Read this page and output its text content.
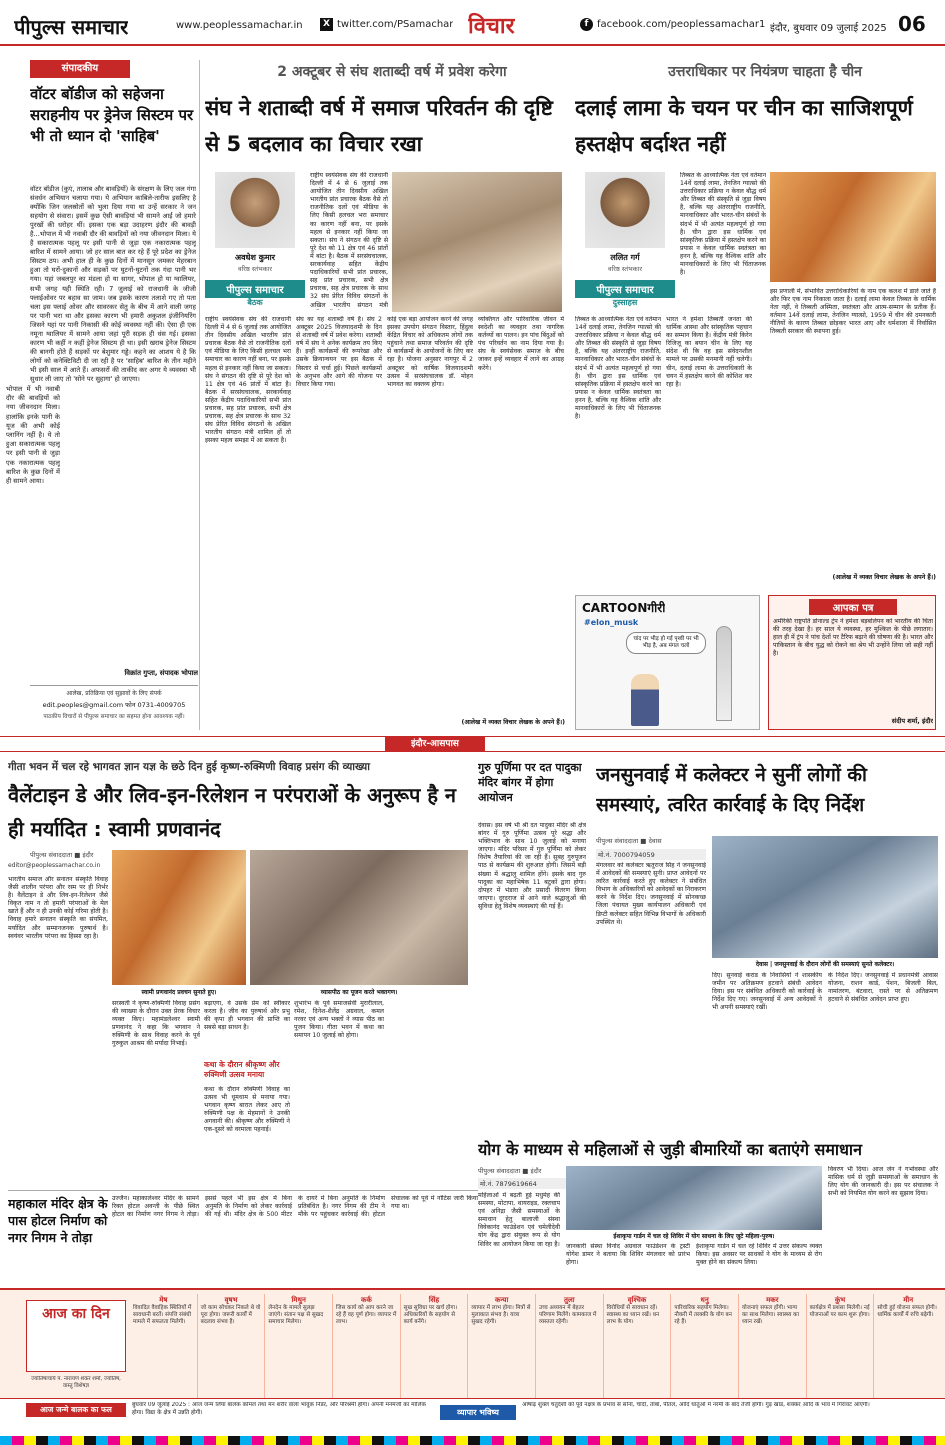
पीपुल्स समाचार	www.peoplessamachar.in	X twitter.com/PSamachar विचार	f facebook.com/peoplessamachar1 इंदौर, बुधवार 09 जुलाई 2025 06
संपादकीय
वॉटर बॉडीज को सहेजना सराहनीय पर ड्रेनेज सिस्टम पर भी तो ध्यान दो 'साहिब'
वॉटर बॉडीज (कुएं, तालाब और बावड़ियों) के संरक्षण के लिए जल गंगा संवर्धन अभियान चलाया गया। ये अभियान काबिले-तारीफ इसलिए है क्योंकि जिन जलस्रोतों को भुला दिया गया था उन्हें सरकार ने जन सहयोग से संवारा। इसमें कुछ ऐसी बावड़ियां भी सामने आईं जो हमारे पुरखों की धरोहर थीं। इसका एक बड़ा उदाहरण इंदौर की बावड़ी है...भोपाल में भी नवाबी दौर की बावड़ियों को नया जीवनदान मिला। ये है सकारात्मक पहलू पर इसी पानी से जुड़ा एक नकारात्मक पहलू बारिश में सामने आया। जो हर साल बात कर रहे हैं पूरे प्रदेश का ड्रेनेज सिस्टम ठप। अभी हाल ही के कुछ दिनों में मानसून जमकर मेहरबान हुआ तो घरों-दुकानों और सड़कों पर घुटनों-घुटनों तक गंदा पानी भर गया। यहां जबलपुर का मंडला हो या सागर, भोपाल हो या ग्वालियर, सभी जगह यही स्थिति रही। 7 जुलाई को राजधानी के जीजी फ्लाईओवर पर बहाव सा जाम। जब इसके कारण तलाशे गए तो पता चला इस फ्लाई ओवर और सावरकर सेतु के बीच में आने वाली जगह पर पानी भरा था और इसका कारण भी हमारी अकुशल इंजीनियरिंग जिसने यहां पर पानी निकासी की कोई व्यवस्था नहीं की। ऐसा ही एक नमूना ग्वालियर में सामने आया जहां पूरी सड़क ही धंस गई। इसका कारण भी कहीं न कहीं ड्रेनेज सिस्टम ही था। इसी खराब ड्रेनेज सिस्टम की बानगी होते हैं सड़कों पर बेशुमार गड्ढे। कहने का आशय ये है कि लोगों को कनेक्टिविटी दी जा रही है पर 'साहिब' बारिश के तीन महीने भी इसी साल में आते हैं। अफसरों की ताकीद कर अगर ये व्यवस्था भी सुधार ली जाए तो 'सोने पर सुहागा' हो जाएगा।
विक्रांत गुप्ता, संपादक भोपाल
आलेख, प्रतिक्रिया एवं सुझावों के लिए संपर्क
edit.peoples@gmail.com फोन 0731-4009705
पाठकीय विचारों से पीपुल्स समाचार का सहमत होना आवश्यक नहीं।
भोपाल में भी नवाबी दौर की बावड़ियों को नया जीवनदान मिला। हालांकि इनके पानी के यूज की अभी कोई प्लानिंग नहीं है। ये तो हुआ सकारात्मक पहलू पर इसी पानी से जुड़ा एक नकारात्मक पहलू बारिश के कुछ दिनों में ही सामने आया।
2 अक्टूबर से संघ शताब्दी वर्ष में प्रवेश करेगा
संघ ने शताब्दी वर्ष में समाज परिवर्तन की दृष्टि से 5 बदलाव का विचार रखा
अवधेश कुमार
वरिष्ठ स्तंभकार
पीपुल्स समाचार
बैठक
राष्ट्रीय स्वयंसेवक संघ की राजधानी दिल्ली में 4 से 6 जुलाई तक आयोजित तीन दिवसीय अखिल भारतीय प्रांत प्रचारक बैठक वैसे तो राजनीतिक दलों एवं मीडिया के लिए किसी हलचल भरा समाचार का कारण नहीं बना, पर इसके महत्व से इनकार नहीं किया जा सकता। संघ ने संगठन की दृष्टि से पूरे देश को 11 क्षेत्र एवं 46 प्रांतों में बांटा है। बैठक में सरसंघचालक, सरकार्यवाह सहित केंद्रीय पदाधिकारियों सभी प्रांत प्रचारक, सह प्रांत प्रचारक, सभी क्षेत्र प्रचारक, सह क्षेत्र प्रचारक के साथ 32 संघ प्रेरित विविध संगठनों के अखिल भारतीय संगठन मंत्री
राष्ट्रीय स्वयंसेवक संघ की राजधानी दिल्ली में 4 से 6 जुलाई तक आयोजित तीन दिवसीय अखिल भारतीय प्रांत प्रचारक बैठक वैसे तो राजनीतिक दलों एवं मीडिया के लिए किसी हलचल भरा समाचार का कारण नहीं बना, पर इसके महत्व से इनकार नहीं किया जा सकता। संघ ने संगठन की दृष्टि से पूरे देश को 11 क्षेत्र एवं 46 प्रांतों में बांटा है। बैठक में सरसंघचालक, सरकार्यवाह सहित केंद्रीय पदाधिकारियों सभी प्रांत प्रचारक, सह प्रांत प्रचारक, सभी क्षेत्र प्रचारक, सह क्षेत्र प्रचारक के साथ 32 संघ प्रेरित विविध संगठनों के अखिल भारतीय संगठन मंत्री शामिल हों तो इसका महत्व समझा में आ सकता है।
संघ का यह शताब्दी वर्ष है। संघ 2 अक्टूबर 2025 विजयादशमी के दिन से शताब्दी वर्ष में प्रवेश करेगा। शताब्दी वर्ष में संघ ने अनेक कार्यक्रम तय किए हैं। इन्हीं कार्यक्रमों की रूपरेखा और उसके क्रियान्वयन पर इस बैठक में विस्तार से चर्चा हुई। पिछले कार्यक्रमों के अनुभव और आगे की योजना पर विचार किया गया।
कोई एक बड़ा आयोजन करने की जगह इसका उपयोग संगठन विस्तार, हिंदुत्व केंद्रित विचार को अधिकतम लोगों तक पहुंचाने तथा समाज परिवर्तन की दृष्टि से कार्यक्रमों के आयोजनों के लिए कर रहा है। योजना अनुसार नागपुर में 2 अक्टूबर को वार्षिक विजयादशमी उत्सव में सरसंघचालक डॉ. मोहन भागवत का वक्तव्य होगा।
व्यक्तिगत और पारिवारिक जीवन में स्वदेशी का व्यवहार तथा नागरिक कर्तव्यों का पालन। इन पांच बिंदुओं को पंच परिवर्तन का नाम दिया गया है। संघ के स्वयंसेवक समाज के बीच जाकर इन्हें व्यवहार में लाने का आग्रह करेंगे।
(आलेख में व्यक्त विचार लेखक के अपने हैं।)
उत्तराधिकार पर नियंत्रण चाहता है चीन
दलाई लामा के चयन पर चीन का साजिशपूर्ण हस्तक्षेप बर्दाश्त नहीं
ललित गर्ग
वरिष्ठ स्तंभकार
पीपुल्स समाचार
दुस्साहस
तिब्बत के आध्यात्मिक नेता एवं वर्तमान 14वें दलाई लामा, तेनजिन ग्यात्सो की उत्तराधिकार प्रक्रिया न केवल बौद्ध धर्म और तिब्बत की संस्कृति से जुड़ा विषय है, बल्कि यह अंतरराष्ट्रीय राजनीति, मानवाधिकार और भारत-चीन संबंधों के संदर्भ में भी अत्यंत महत्वपूर्ण हो गया है। चीन द्वारा इस धार्मिक एवं सांस्कृतिक प्रक्रिया में हस्तक्षेप करने का प्रयास न केवल धार्मिक स्वतंत्रता का हनन है, बल्कि यह वैश्विक शांति और मानवाधिकारों के लिए भी चिंताजनक है।
तिब्बत के आध्यात्मिक नेता एवं वर्तमान 14वें दलाई लामा, तेनजिन ग्यात्सो की उत्तराधिकार प्रक्रिया न केवल बौद्ध धर्म और तिब्बत की संस्कृति से जुड़ा विषय है, बल्कि यह अंतरराष्ट्रीय राजनीति, मानवाधिकार और भारत-चीन संबंधों के संदर्भ में भी अत्यंत महत्वपूर्ण हो गया है। चीन द्वारा इस धार्मिक एवं सांस्कृतिक प्रक्रिया में हस्तक्षेप करने का प्रयास न केवल धार्मिक स्वतंत्रता का हनन है, बल्कि यह वैश्विक शांति और मानवाधिकारों के लिए भी चिंताजनक है।
भारत ने हमेशा तिब्बती जनता की धार्मिक आस्था और सांस्कृतिक पहचान का सम्मान किया है। केंद्रीय मंत्री किरेन रिजिजू का बयान चीन के लिए यह संदेश थी कि वह इस संवेदनशील मामले पर उसकी मनमानी नहीं चलेगी। चीन, दलाई लामा के उत्तराधिकारी के चयन में हस्तक्षेप करने की कोशिश कर रहा है।
इस प्रणाली में, संभावित उत्तराधिकारियों के नाम एक कलश में डाले जाते हैं और फिर एक नाम निकाला जाता है। दलाई लामा केवल तिब्बत के धार्मिक नेता नहीं, वे तिब्बती अस्मिता, स्वतंत्रता और आत्म-सम्मान के प्रतीक हैं। वर्तमान 14वें दलाई लामा, तेनजिन ग्यात्सो, 1959 में चीन की दमनकारी नीतियों के कारण तिब्बत छोड़कर भारत आए और धर्मशाला में निर्वासित तिब्बती सरकार की स्थापना हुई।
(आलेख में व्यक्त विचार लेखक के अपने हैं।)
CARTOONगीरी
#elon_musk
चांद पर भीड़ हो गई पृथ्वी पर भी भीड़ है, अब मंगल चलो
आपका पत्र
अमेरिकी राष्ट्रपति डोनाल्ड ट्रंप ने हमेशा बड़बोलेपन को भारतीय की चिंता की तरह देखा है। हर साल ये व्यवस्था, हर मुश्किल के पीछे लगातार। हाल ही में ट्रंप ने पांच देशों पर टैरिफ बढ़ाने की घोषणा की है। भारत और पाकिस्तान के बीच युद्ध को रोकने का श्रेय भी उन्होंने लिया जो सही नहीं है।
संदीप शर्मा, इंदौर
इंदौर-आसपास
गीता भवन में चल रहे भागवत ज्ञान यज्ञ के छठे दिन हुई कृष्ण-रुक्मिणी विवाह प्रसंग की व्याख्या
वैलेंटाइन डे और लिव-इन-रिलेशन न परंपराओं के अनुरूप है न ही मर्यादित : स्वामी प्रणवानंद
पीपुल्स संवाददाता ■ इंदौर
editor@peoplessamachar.co.in
भारतीय समाज और सनातन संस्कृति विवाह जैसी शालीन परंपरा और रस्म पर ही निर्भर है। वैलेंटाइन डे और लिव-इन-रिलेशन जैसे विकृत नाम न तो हमारी परंपराओं के मेल खाते हैं और न ही उनकी कोई गरिमा होती है। विवाह हमारे सनातन संस्कृति का संयमित, मर्यादित और सम्मानजनक पुरुषार्थ है। स्वयंवर भारतीय परंपरा का हिस्सा रहा है।
स्वामी प्रणवानंद प्रवचन सुनाते हुए।	व्यासपीठ का पूजन करते भक्तगण।
सरस्वती ने कृष्ण-रुक्मिणी विवाह प्रसंग की व्याख्या के दौरान उक्त प्रेरक विचार व्यक्त किए। महामंडलेश्वर स्वामी प्रणवानंद ने कहा कि भगवान ने रुक्मिणी के साथ विवाह करने के पूर्व गुरुकुल आश्रम की मर्यादा निभाई।
बढ़ाएगा, वे उसके प्रेम को स्वीकार करता है। जीव का पुरुषार्थ और प्रभु की कृपा ही भगवान की प्राप्ति का सबसे बड़ा साधन है।
कथा के दौरान श्रीकृष्ण और रुक्मिणी उत्सव मनाया
कथा के दौरान रुक्मिणी विवाह का उत्सव भी धूमधाम से मनाया गया। भगवान कृष्ण बारात लेकर आए तो रुक्मिणी पक्ष के मेहमानों ने उनकी अगवानी की। श्रीकृष्ण और रुक्मिणी ने एक-दूसरे को वरमाला पहनाई।
शुभारंभ के पूर्व समाजसेवी मुरारीलाल, रमेश, दिनेश-शैलेंद्र अग्रवाल, कमल नरवर एवं अन्य भक्तों ने व्यास पीठ का पूजन किया। गीता भवन में कथा का समापन 10 जुलाई को होगा।
गुरु पूर्णिमा पर दत पादुका मंदिर बांगर में होगा आयोजन
देवास। इस वर्ष भी श्री दत पादुका मंदिर श्री क्षेत्र बांगर में गुरु पूर्णिमा उत्सव पूरे श्रद्धा और भक्तिभाव के साथ 10 जुलाई को मनाया जाएगा। मंदिर परिसर में गुरु पूर्णिमा को लेकर विशेष तैयारियां की जा रही हैं। सुबह गुरुपूजन पाठ से कार्यक्रम की शुरुआत होगी। जिसमें बड़ी संख्या में श्रद्धालु शामिल होंगे। इसके बाद गुरु पादुका का महाभिषेक 11 बटुकों द्वारा होगा। दोपहर में भंडारा और प्रसादी वितरण किया जाएगा। दूरदराज से आने वाले श्रद्धालुओं की सुविधा हेतु विशेष व्यवस्थाएं की गई हैं।
जनसुनवाई में कलेक्टर ने सुनीं लोगों की समस्याएं, त्वरित कार्रवाई के दिए निर्देश
पीपुल्स संवाददाता ■ देवास
मो.नं. 7000794059
मंगलवार को कलेक्टर ऋतुराज सिंह ने जनसुनवाई में आवेदकों की समस्याएं सुनी। प्राप्त आवेदनों पर त्वरित कार्रवाई करते हुए कलेक्टर ने संबंधित विभाग के अधिकारियों को आवेदकों का निराकरण करने के निर्देश दिए। जनसुनवाई में सोनकच्छ जिला पंचायत मुख्य कार्यपालन अधिकारी एवं डिप्टी कलेक्टर सहित विभिन्न विभागों के अधिकारी उपस्थित थे।
देवास | जनसुनवाई के दौरान लोगों की समस्याएं सुनते कलेक्टर।
दिए। सुनवाई कराड के निवासियों ने शासकीय जमीन पर अतिक्रमण हटवाने संबंधी आवेदन दिया। इस पर संबंधित अधिकारी को कार्रवाई के निर्देश दिए गए। जनसुनवाई में अन्य आवेदकों ने भी अपनी समस्याएं रखीं।
के निर्देश दिए। जनसुनवाई में प्रधानमंत्री आवास योजना, राशन कार्ड, पेंशन, बिजली बिल, नामांतरण, बंटवारा, रास्ते पर से अतिक्रमण हटवाने से संबंधित आवेदन प्राप्त हुए।
महाकाल मंदिर क्षेत्र के पास होटल निर्माण को नगर निगम ने तोड़ा
उज्जैन। महाकालेश्वर मंदिर के सामने रिक्त होटल अवन्ती के पीछे स्थित होटल का निर्माण नगर निगम ने तोड़ा। इससे पहले भी इस क्षेत्र में बिना अनुमति के निर्माण को लेकर कार्रवाई की गई थी। मंदिर क्षेत्र के 500 मीटर के दायरे में बिना अनुमति के निर्माण प्रतिबंधित है। नगर निगम की टीम ने मौके पर पहुंचकर कार्रवाई की। होटल संचालक को पूर्व में नोटिस जारी किया गया था।
योग के माध्यम से महिलाओं से जुड़ी बीमारियों का बताएंगे समाधान
पीपुल्स संवाददाता ■ इंदौर
मो.नं. 7879619664
महिलाओं में बढ़ती हुई मधुमेह की समस्या, मोटापा, थायराइड, रक्तचाप एवं अनिद्रा जैसी समस्याओं के समाधान हेतु बालाजी संस्था विवेकानंद फाउंडेशन एवं चमेलीदेवी योग केंद्र द्वारा संयुक्त रूप से योग शिविर का आयोजन किया जा रहा है।
ईशाकृपा गार्डन में चल रहे शिविर में योग साधना के लिए जुटे महिला-पुरुष।
जानकारी संस्था विनोद अग्रवाल फाउंडेशन के ट्रस्टी योगेश डामर ने बताया कि शिविर मंगलवार को प्रारंभ होगा।
ईशाकृपा गार्डन में चल रहे शिविर में उत्तर संकल्प व्यक्त किया। इस अवसर पर साधकों ने योग के माध्यम से रोग मुक्त होने का संकल्प लिया।
विवरण भी दिया। आज जेन ने गर्भावस्था और मासिक धर्म से जुड़ी समस्याओं के समाधान के लिए योग की जानकारी दी। इस पर संचालक ने सभी को नियमित योग करने का सुझाव दिया।
आज का दिन
ज्योतिषाचार्य पं. नारायण शंकर शर्मा, ज्योतिष, वास्तु विशेषज्ञ
मेष
विवादित वैवाहिक स्थितियों में सावधानी बरतें। संपत्ति संबंधी मामले में सफलता मिलेगी।
वृषभ
जो काम सोचकर निकले थे वो पूरा होगा। जरूरी कार्यों में बदलाव संभव है।
मिथुन
लेनदेन के मामले सुलझ जाएंगे। संतान पक्ष से सुखद समाचार मिलेगा।
कर्क
जिस कार्य को आप करने जा रहे हैं वह पूर्ण होगा। व्यापार में लाभ।
सिंह
सुख सुविधा पर खर्च होगा। अधिकारियों के सहयोग से कार्य बनेंगे।
कन्या
व्यापार में लाभ होगा। मित्रों से मुलाकात संभव है। यात्रा सुखद रहेगी।
तुला
उच्च अध्ययन में बेहतर परिणाम मिलेंगे। कामकाज में व्यस्तता रहेगी।
वृश्चिक
विरोधियों से सावधान रहें। स्वास्थ्य का ध्यान रखें। धन लाभ के योग।
धनु
पारिवारिक सहयोग मिलेगा। नौकरी में तरक्की के योग बन रहे हैं।
मकर
योजनाएं सफल होंगी। भाग्य का साथ मिलेगा। स्वास्थ्य का ध्यान रखें।
कुंभ
कार्यक्षेत्र में प्रशंसा मिलेगी। नई योजनाओं पर काम शुरू होगा।
मीन
सोची हुई योजना सफल होगी। धार्मिक कार्यों में रुचि बढ़ेगी।
आज जन्मे बालक का फल	बुधवार 09 जुलाई 2025 : आज जन्म लिया बालक कोमल तथा मन शरीर वाला भावुक निडर, और परिश्रमी होगा। अपनी मनमर्जी का मालिक होगा। विद्या के क्षेत्र में उन्नति होगी।	व्यापार भविष्य
आषाढ़ शुक्ल चतुर्दशी को पूर्व नक्षत्र के प्रभाव से सोना, चांदी, तांबा, पीतल, आदि धातुओं में नरमी के बाद तेजी होगी। गुड़ खांड, शक्कर आदि के भाव में गिरावट आएगी।
